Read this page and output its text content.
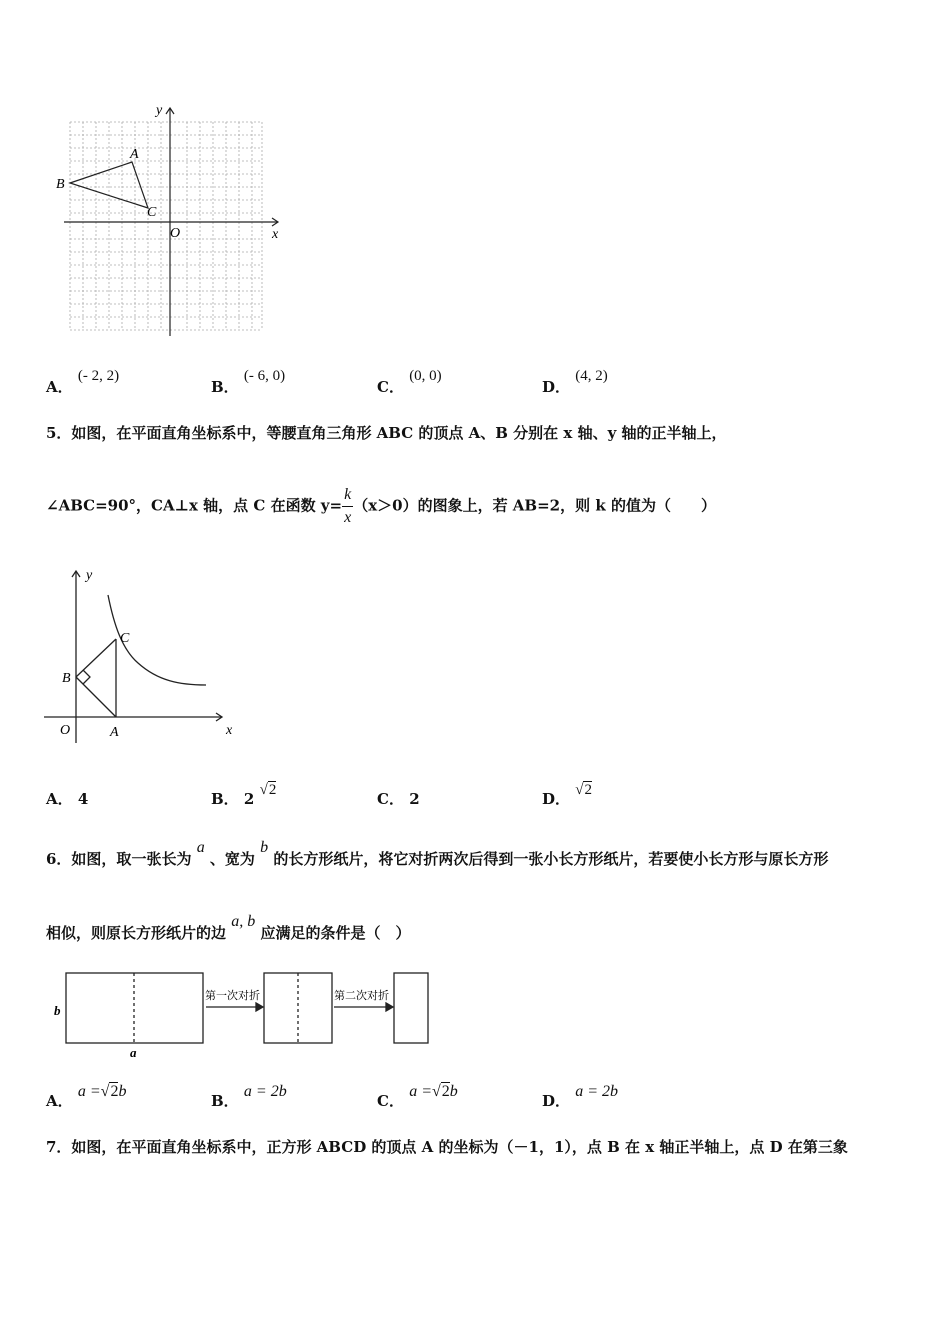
y
x
O
A
B
C
A． (- 2, 2)
B． (- 6, 0)
C． (0, 0)
D． (4, 2)
5．如图，在平面直角坐标系中，等腰直角三角形 ABC 的顶点 A、B 分别在 x 轴、y 轴的正半轴上，
∠ABC=90°，CA⊥x 轴，点 C 在函数 $y= \frac{k}{x} (x>0)$的图象上，若 AB=2，则 k 的值为（　　）
y
x
O	A
B
C
A． 4	B． 2 √2	C． 2	D． √2
6．如图，取一张长为 a 、宽为 b 的长方形纸片，将它对折两次后得到一张小长方形纸片，若要使小长方形与原长方形
相似，则原长方形纸片的边 a, b 应满足的条件是（　）
b
a
第一次对折	第二次对折
A． a =√2b
B． a = 2b
C． a =√2b
D． a = 2b
7．如图，在平面直角坐标系中，正方形 ABCD 的顶点 A 的坐标为（－1，1），点 B 在 x 轴正半轴上，点 D 在第三象
